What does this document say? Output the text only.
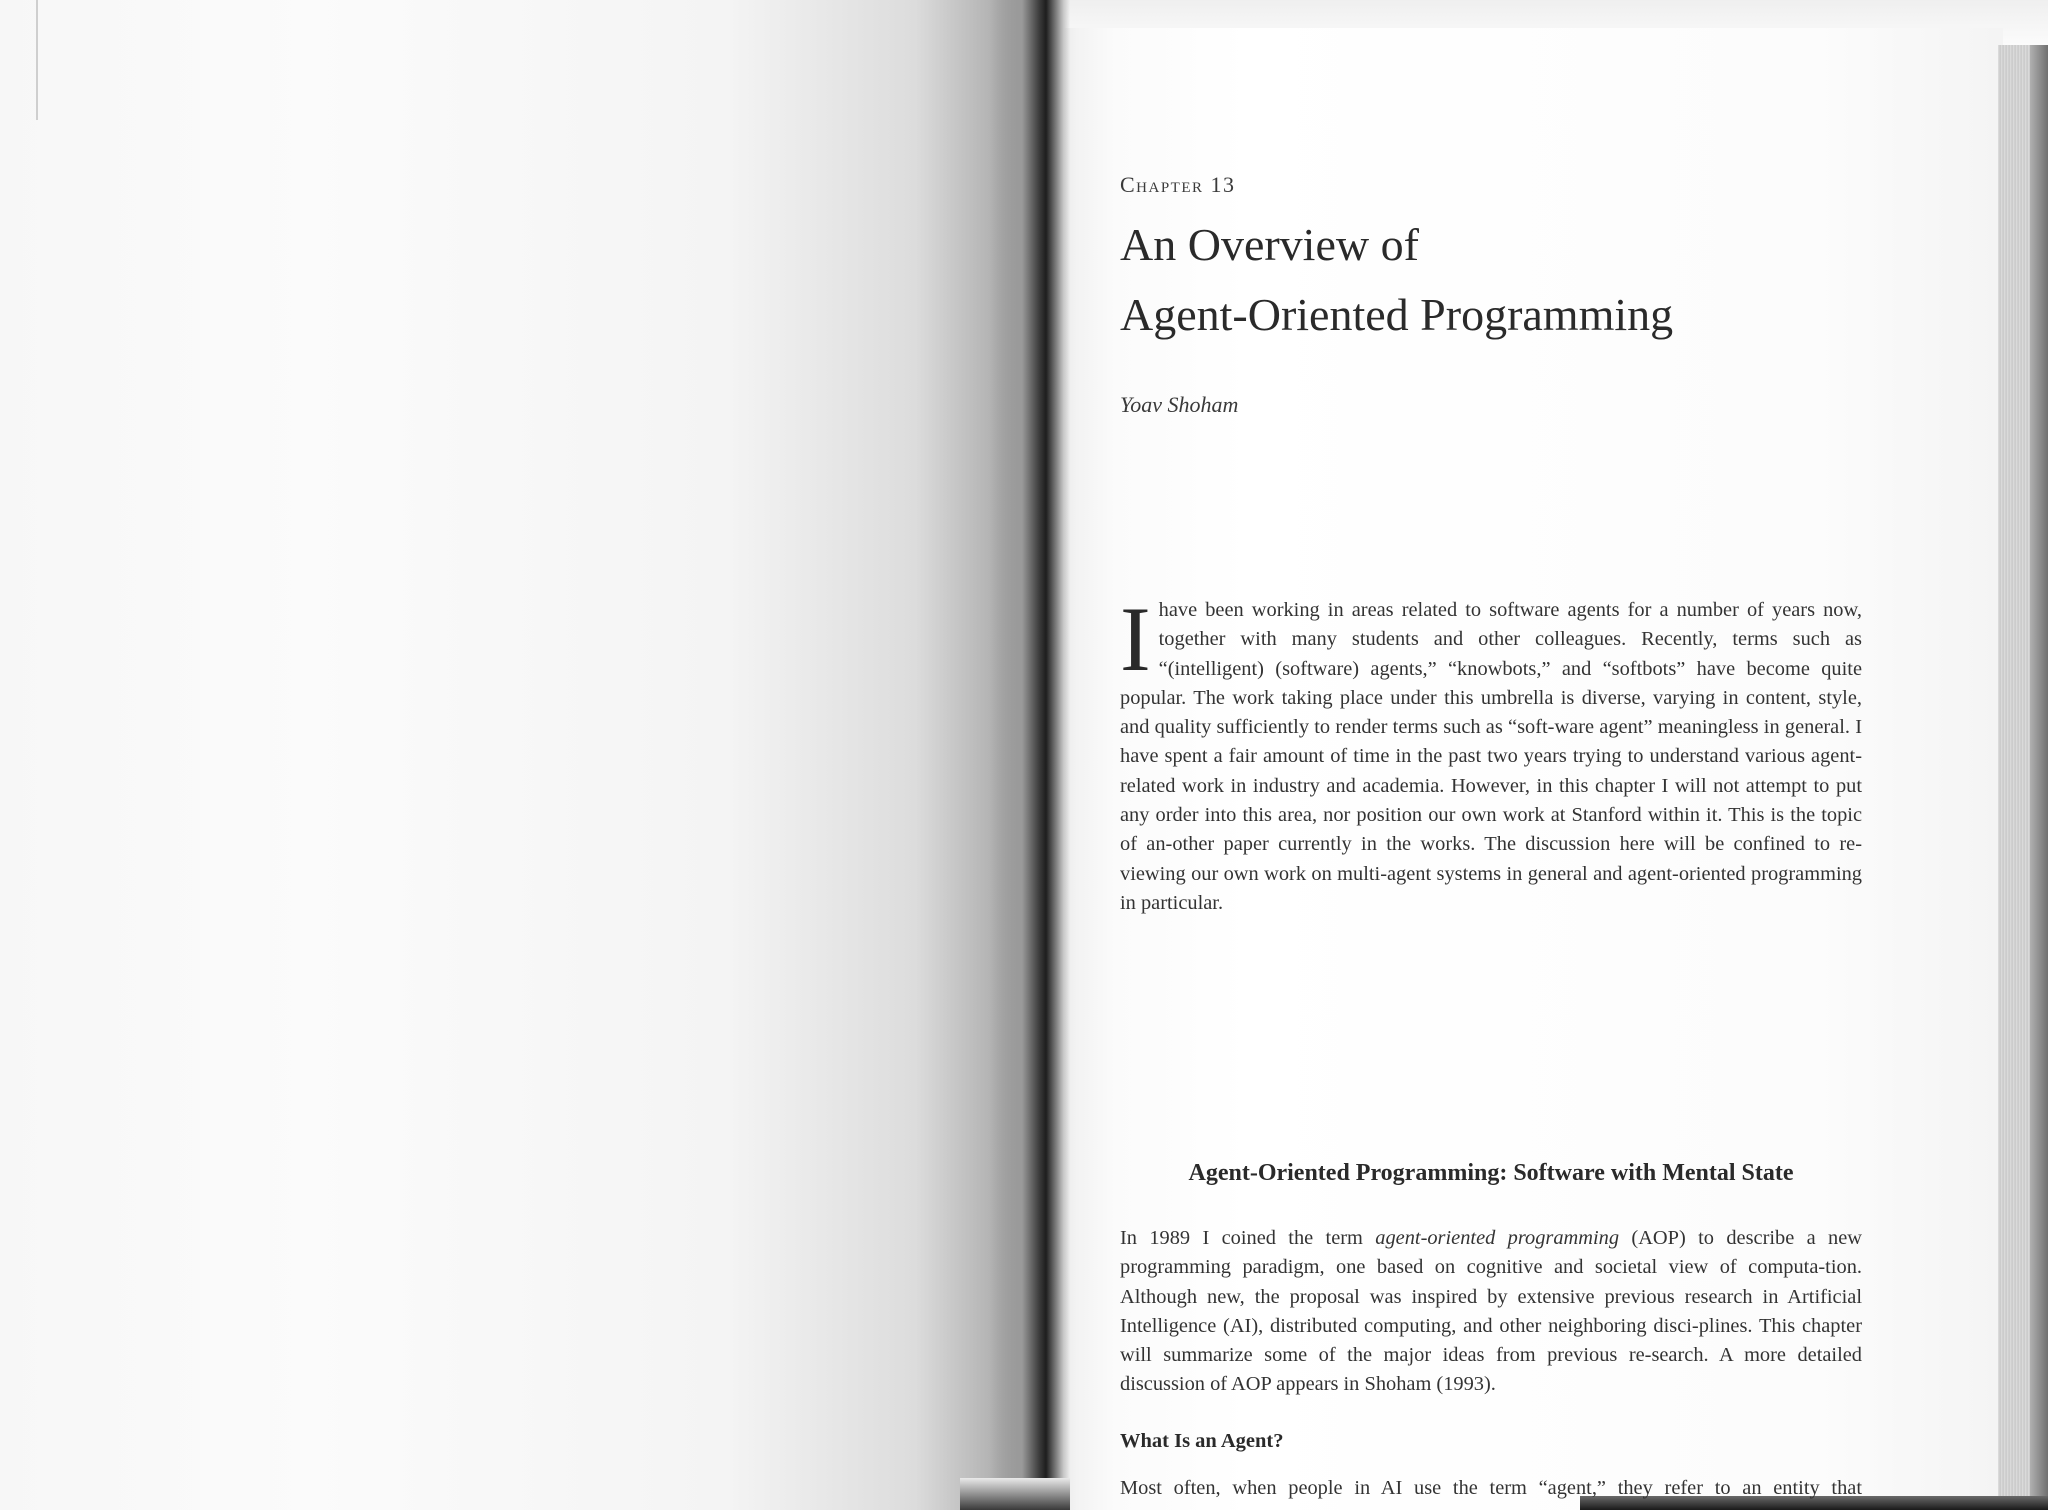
Chapter 13
An Overview of
Agent-Oriented Programming
Yoav Shoham

I have been working in areas related to software agents for a number of years now, together with many students and other colleagues. Recently, terms such as “(intelligent) (software) agents,” “knowbots,” and “softbots” have become quite popular. The work taking place under this umbrella is diverse, varying in content, style, and quality sufficiently to render terms such as “soft-ware agent” meaningless in general. I have spent a fair amount of time in the past two years trying to understand various agent-related work in industry and academia. However, in this chapter I will not attempt to put any order into this area, nor position our own work at Stanford within it. This is the topic of an-other paper currently in the works. The discussion here will be confined to re-viewing our own work on multi-agent systems in general and agent-oriented programming in particular.

Agent-Oriented Programming: Software with Mental State

In 1989 I coined the term agent-oriented programming (AOP) to describe a new programming paradigm, one based on cognitive and societal view of computa-tion. Although new, the proposal was inspired by extensive previous research in Artificial Intelligence (AI), distributed computing, and other neighboring disci-plines. This chapter will summarize some of the major ideas from previous re-search. A more detailed discussion of AOP appears in Shoham (1993).

What Is an Agent?

Most often, when people in AI use the term “agent,” they refer to an entity that
